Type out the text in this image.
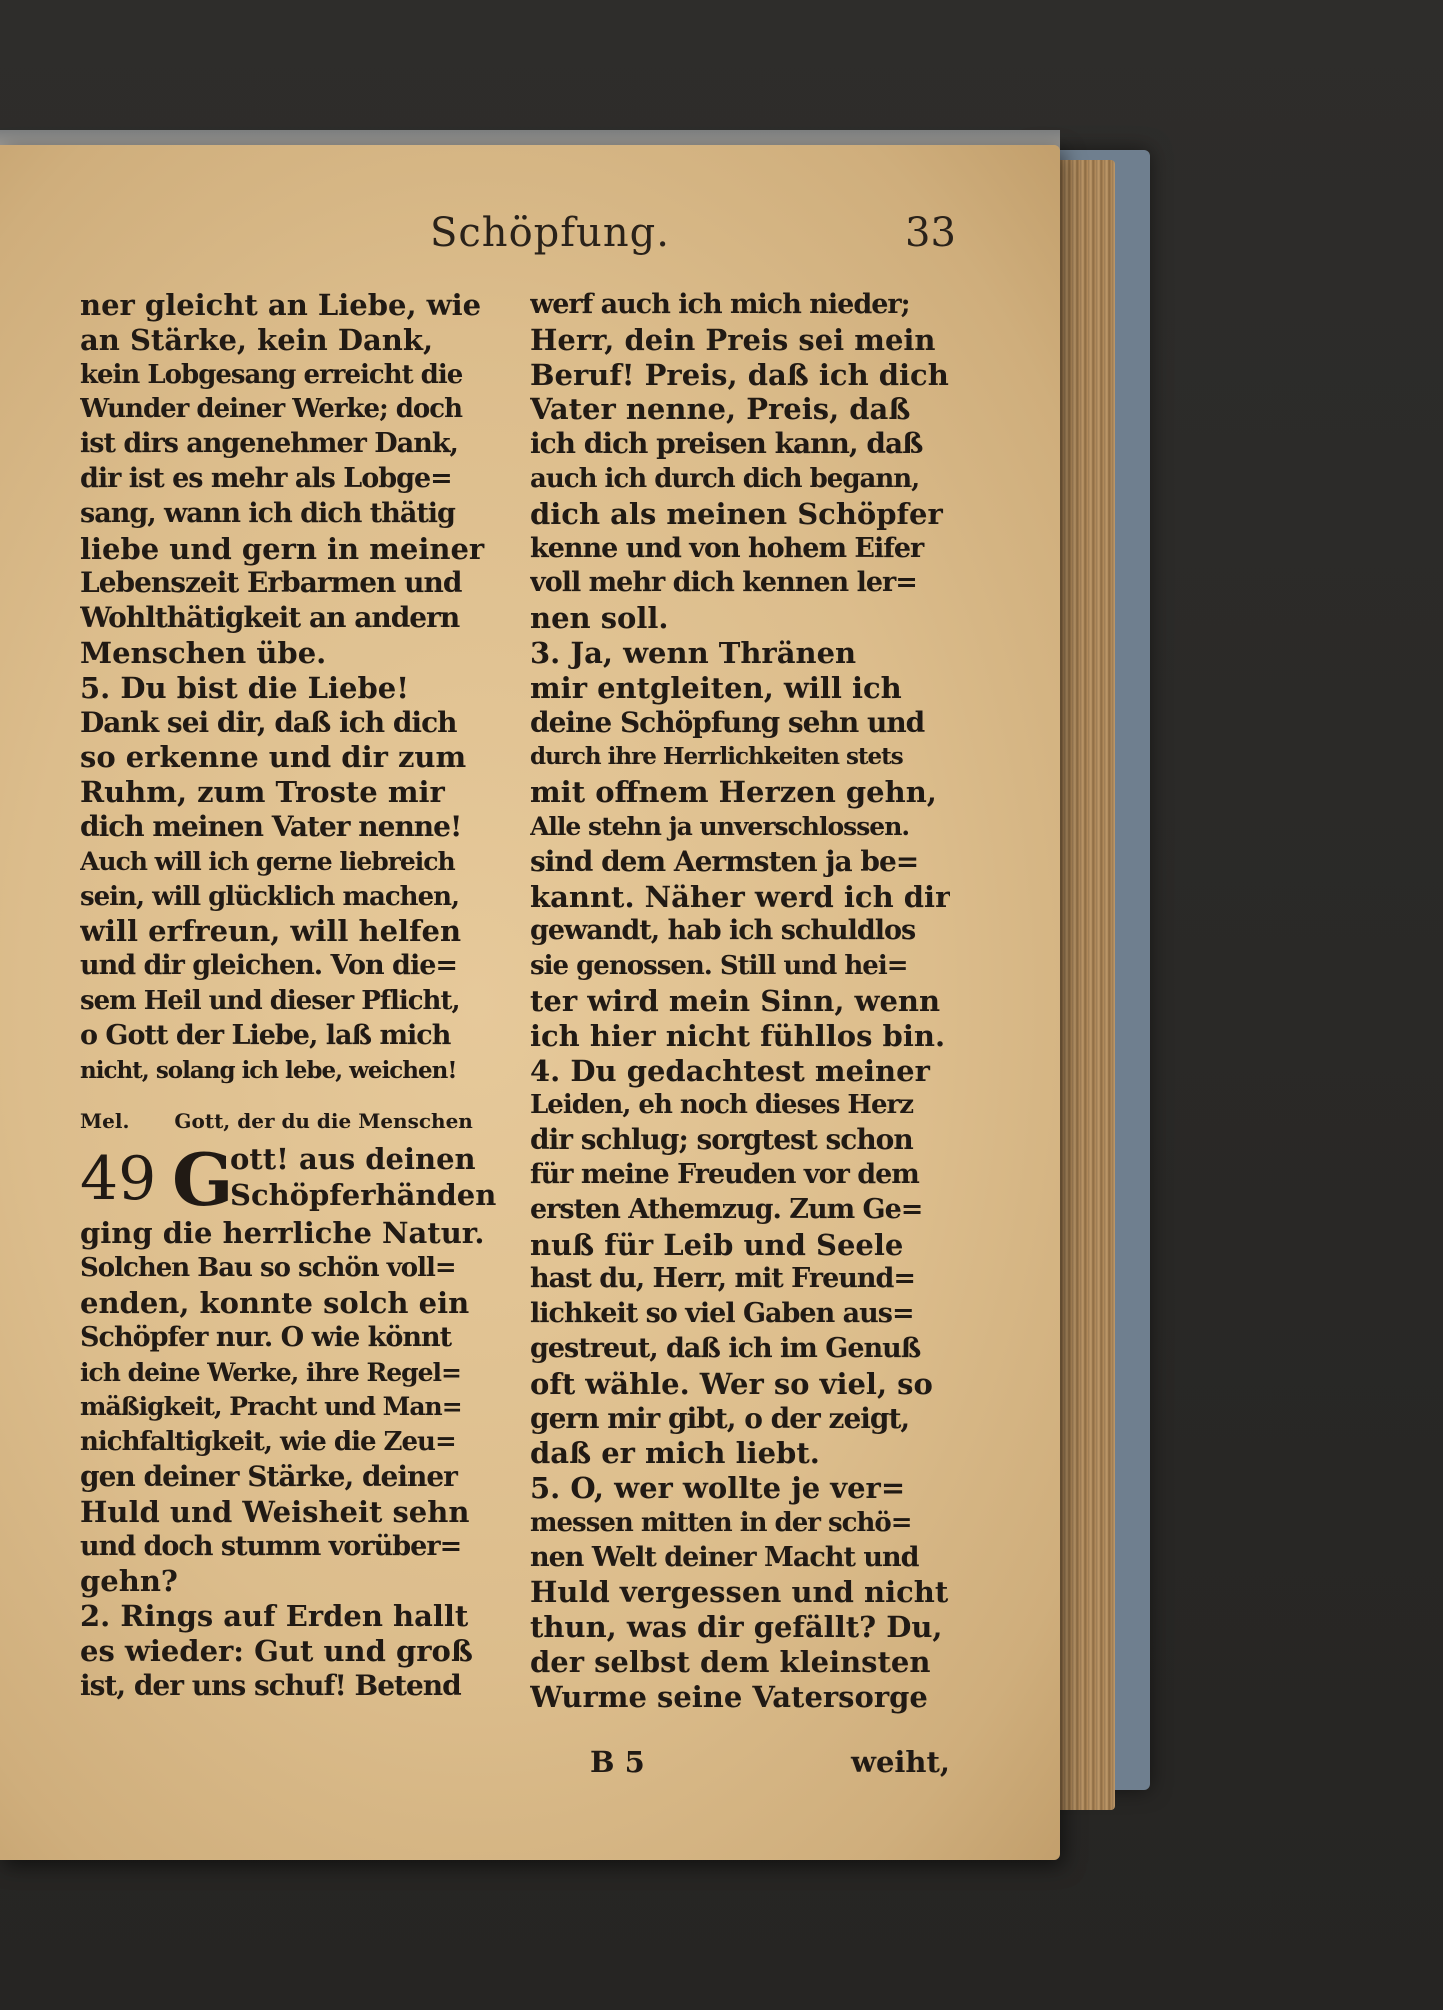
Schöpfung.	33
ner gleicht an Liebe, wie
an Stärke, kein Dank,
kein Lobgesang erreicht die
Wunder deiner Werke; doch
ist dirs angenehmer Dank,
dir ist es mehr als Lobge=
sang, wann ich dich thätig
liebe und gern in meiner
Lebenszeit Erbarmen und
Wohlthätigkeit an andern
Menschen übe.
5. Du bist die Liebe!
Dank sei dir, daß ich dich
so erkenne und dir zum
Ruhm, zum Troste mir
dich meinen Vater nenne!
Auch will ich gerne liebreich
sein, will glücklich machen,
will erfreun, will helfen
und dir gleichen. Von die=
sem Heil und dieser Pflicht,
o Gott der Liebe, laß mich
nicht, solang ich lebe, weichen!
Mel. Gott, der du die Menschen
49 G
ott! aus deinen
Schöpferhänden
ging die herrliche Natur.
Solchen Bau so schön voll=
enden, konnte solch ein
Schöpfer nur. O wie könnt
ich deine Werke, ihre Regel=
mäßigkeit, Pracht und Man=
nichfaltigkeit, wie die Zeu=
gen deiner Stärke, deiner
Huld und Weisheit sehn
und doch stumm vorüber=
gehn?
2. Rings auf Erden hallt
es wieder: Gut und groß
ist, der uns schuf! Betend
werf auch ich mich nieder;
Herr, dein Preis sei mein
Beruf! Preis, daß ich dich
Vater nenne, Preis, daß
ich dich preisen kann, daß
auch ich durch dich begann,
dich als meinen Schöpfer
kenne und von hohem Eifer
voll mehr dich kennen ler=
nen soll.
3. Ja, wenn Thränen
mir entgleiten, will ich
deine Schöpfung sehn und
durch ihre Herrlichkeiten stets
mit offnem Herzen gehn,
Alle stehn ja unverschlossen.
sind dem Aermsten ja be=
kannt. Näher werd ich dir
gewandt, hab ich schuldlos
sie genossen. Still und hei=
ter wird mein Sinn, wenn
ich hier nicht fühllos bin.
4. Du gedachtest meiner
Leiden, eh noch dieses Herz
dir schlug; sorgtest schon
für meine Freuden vor dem
ersten Athemzug. Zum Ge=
nuß für Leib und Seele
hast du, Herr, mit Freund=
lichkeit so viel Gaben aus=
gestreut, daß ich im Genuß
oft wähle. Wer so viel, so
gern mir gibt, o der zeigt,
daß er mich liebt.
5. O, wer wollte je ver=
messen mitten in der schö=
nen Welt deiner Macht und
Huld vergessen und nicht
thun, was dir gefällt? Du,
der selbst dem kleinsten
Wurme seine Vatersorge
B 5	weiht,
